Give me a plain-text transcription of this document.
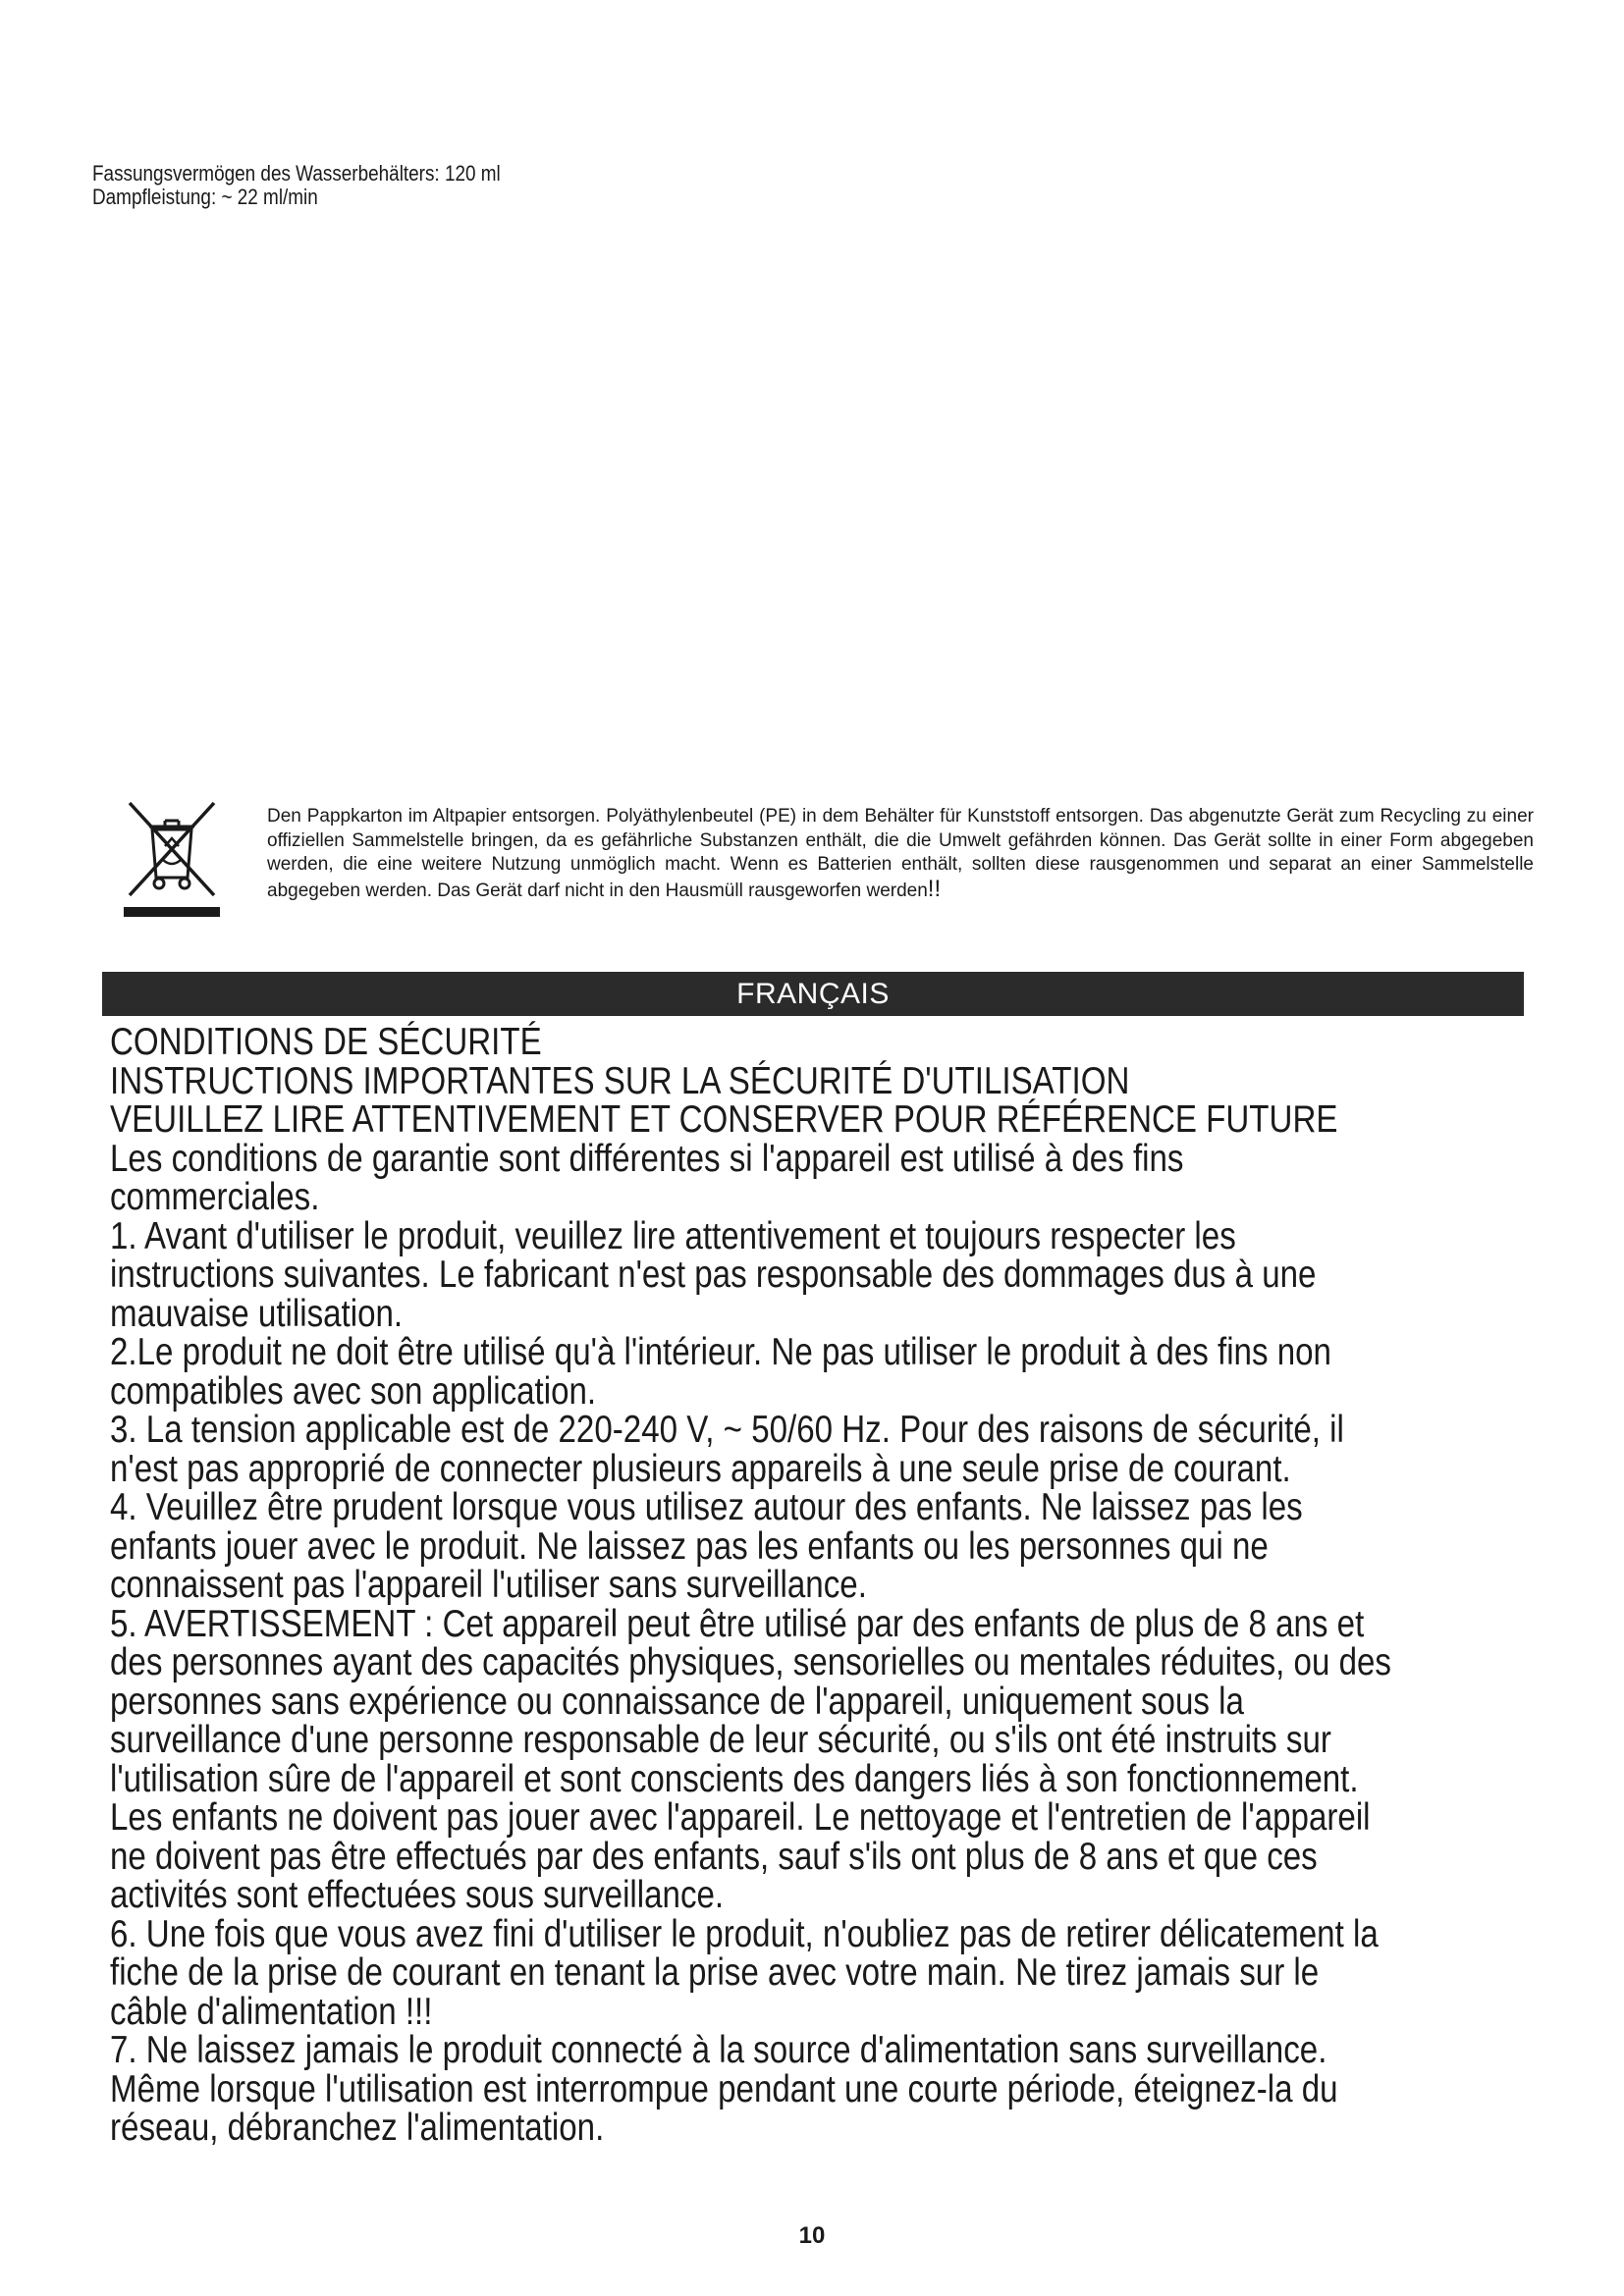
Fassungsvermögen des Wasserbehälters: 120 ml
Dampfleistung: ~ 22 ml/min
Den Pappkarton im Altpapier entsorgen. Polyäthylenbeutel (PE) in dem Behälter für Kunststoff entsorgen. Das abgenutzte Gerät zum Recycling zu einer offiziellen Sammelstelle bringen, da es gefährliche Substanzen enthält, die die Umwelt gefährden können. Das Gerät sollte in einer Form abgegeben werden, die eine weitere Nutzung unmöglich macht. Wenn es Batterien enthält, sollten diese rausgenommen und separat an einer Sammelstelle abgegeben werden. Das Gerät darf nicht in den Hausmüll rausgeworfen werden!!
FRANÇAIS
CONDITIONS DE SÉCURITÉ
INSTRUCTIONS IMPORTANTES SUR LA SÉCURITÉ D'UTILISATION
VEUILLEZ LIRE ATTENTIVEMENT ET CONSERVER POUR RÉFÉRENCE FUTURE
Les conditions de garantie sont différentes si l'appareil est utilisé à des fins
commerciales.
1. Avant d'utiliser le produit, veuillez lire attentivement et toujours respecter les
instructions suivantes. Le fabricant n'est pas responsable des dommages dus à une
mauvaise utilisation.
2.Le produit ne doit être utilisé qu'à l'intérieur. Ne pas utiliser le produit à des fins non
compatibles avec son application.
3. La tension applicable est de 220-240 V, ~ 50/60 Hz. Pour des raisons de sécurité, il
n'est pas approprié de connecter plusieurs appareils à une seule prise de courant.
4. Veuillez être prudent lorsque vous utilisez autour des enfants. Ne laissez pas les
enfants jouer avec le produit. Ne laissez pas les enfants ou les personnes qui ne
connaissent pas l'appareil l'utiliser sans surveillance.
5. AVERTISSEMENT : Cet appareil peut être utilisé par des enfants de plus de 8 ans et
des personnes ayant des capacités physiques, sensorielles ou mentales réduites, ou des
personnes sans expérience ou connaissance de l'appareil, uniquement sous la
surveillance d'une personne responsable de leur sécurité, ou s'ils ont été instruits sur
l'utilisation sûre de l'appareil et sont conscients des dangers liés à son fonctionnement.
Les enfants ne doivent pas jouer avec l'appareil. Le nettoyage et l'entretien de l'appareil
ne doivent pas être effectués par des enfants, sauf s'ils ont plus de 8 ans et que ces
activités sont effectuées sous surveillance.
6. Une fois que vous avez fini d'utiliser le produit, n'oubliez pas de retirer délicatement la
fiche de la prise de courant en tenant la prise avec votre main. Ne tirez jamais sur le
câble d'alimentation !!!
7. Ne laissez jamais le produit connecté à la source d'alimentation sans surveillance.
Même lorsque l'utilisation est interrompue pendant une courte période, éteignez-la du
réseau, débranchez l'alimentation.
10
